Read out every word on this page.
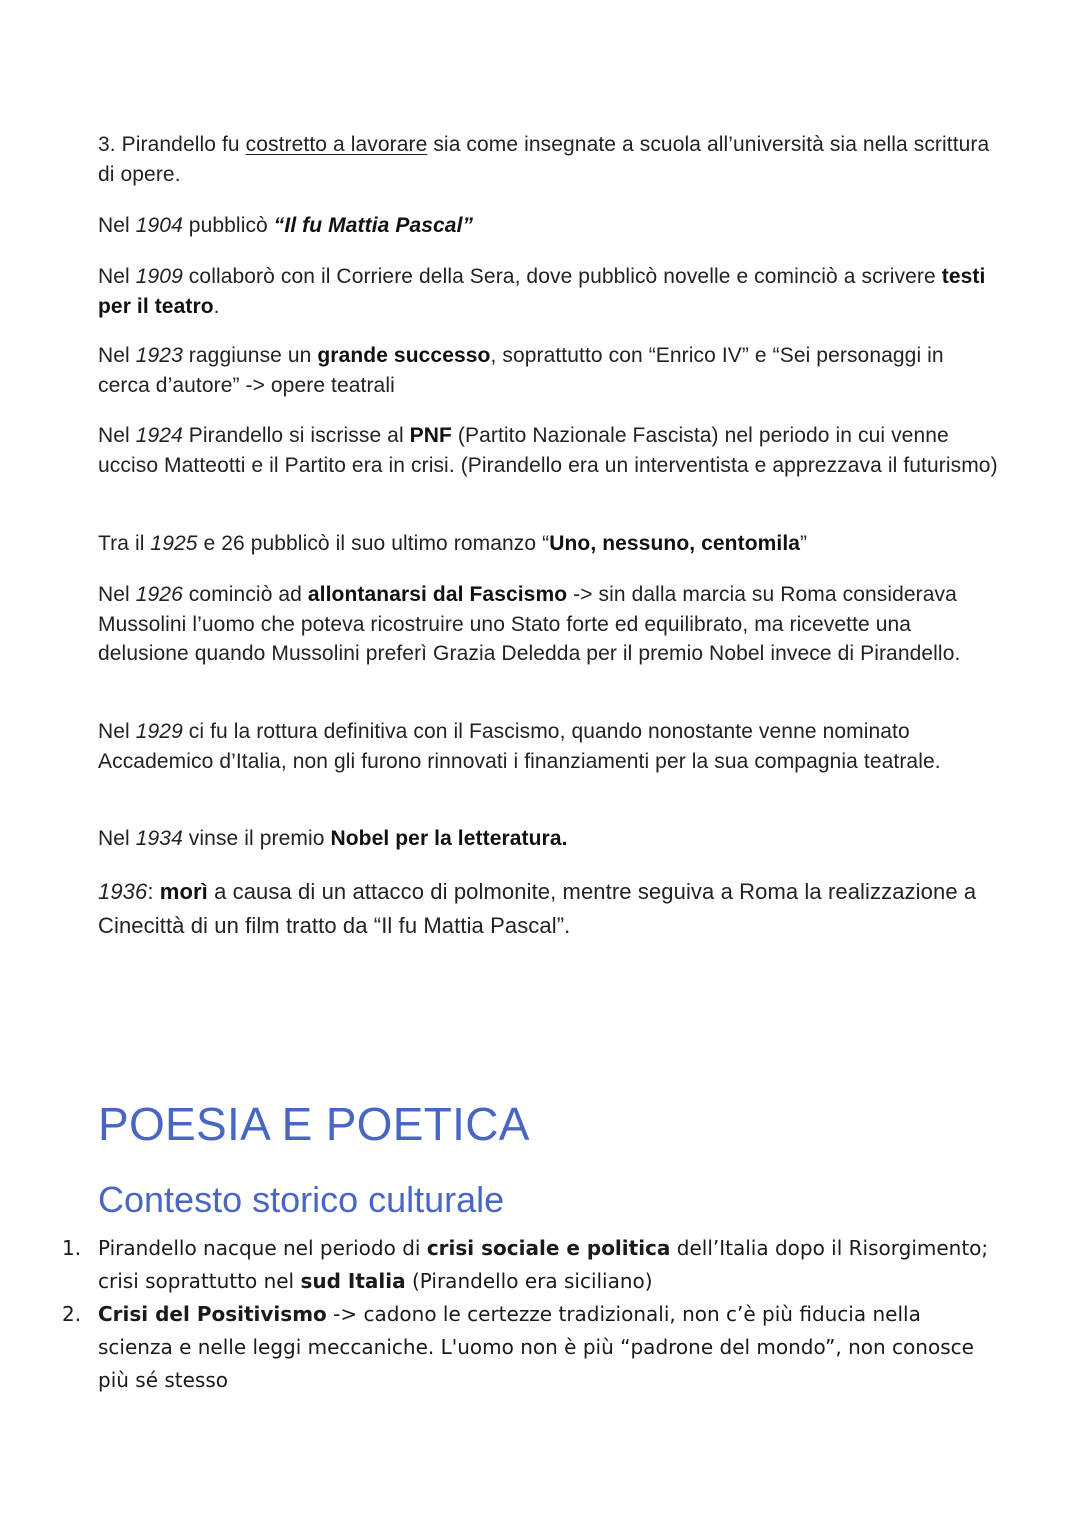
3. Pirandello fu costretto a lavorare sia come insegnate a scuola all’università sia nella scrittura di opere.

Nel 1904 pubblicò “Il fu Mattia Pascal”

Nel 1909 collaborò con il Corriere della Sera, dove pubblicò novelle e cominciò a scrivere testi per il teatro.

Nel 1923 raggiunse un grande successo, soprattutto con “Enrico IV” e “Sei personaggi in cerca d’autore” -> opere teatrali

Nel 1924 Pirandello si iscrisse al PNF (Partito Nazionale Fascista) nel periodo in cui venne ucciso Matteotti e il Partito era in crisi. (Pirandello era un interventista e apprezzava il futurismo)

Tra il 1925 e 26 pubblicò il suo ultimo romanzo “Uno, nessuno, centomila”

Nel 1926 cominciò ad allontanarsi dal Fascismo -> sin dalla marcia su Roma considerava Mussolini l’uomo che poteva ricostruire uno Stato forte ed equilibrato, ma ricevette una delusione quando Mussolini preferì Grazia Deledda per il premio Nobel invece di Pirandello.

Nel 1929 ci fu la rottura definitiva con il Fascismo, quando nonostante venne nominato Accademico d’Italia, non gli furono rinnovati i finanziamenti per la sua compagnia teatrale.

Nel 1934 vinse il premio Nobel per la letteratura.

1936: morì a causa di un attacco di polmonite, mentre seguiva a Roma la realizzazione a Cinecittà di un film tratto da “Il fu Mattia Pascal”.

POESIA E POETICA
Contesto storico culturale
1. Pirandello nacque nel periodo di crisi sociale e politica dell’Italia dopo il Risorgimento; crisi soprattutto nel sud Italia (Pirandello era siciliano)
2. Crisi del Positivismo -> cadono le certezze tradizionali, non c’è più fiducia nella scienza e nelle leggi meccaniche. L'uomo non è più “padrone del mondo”, non conosce più sé stesso
